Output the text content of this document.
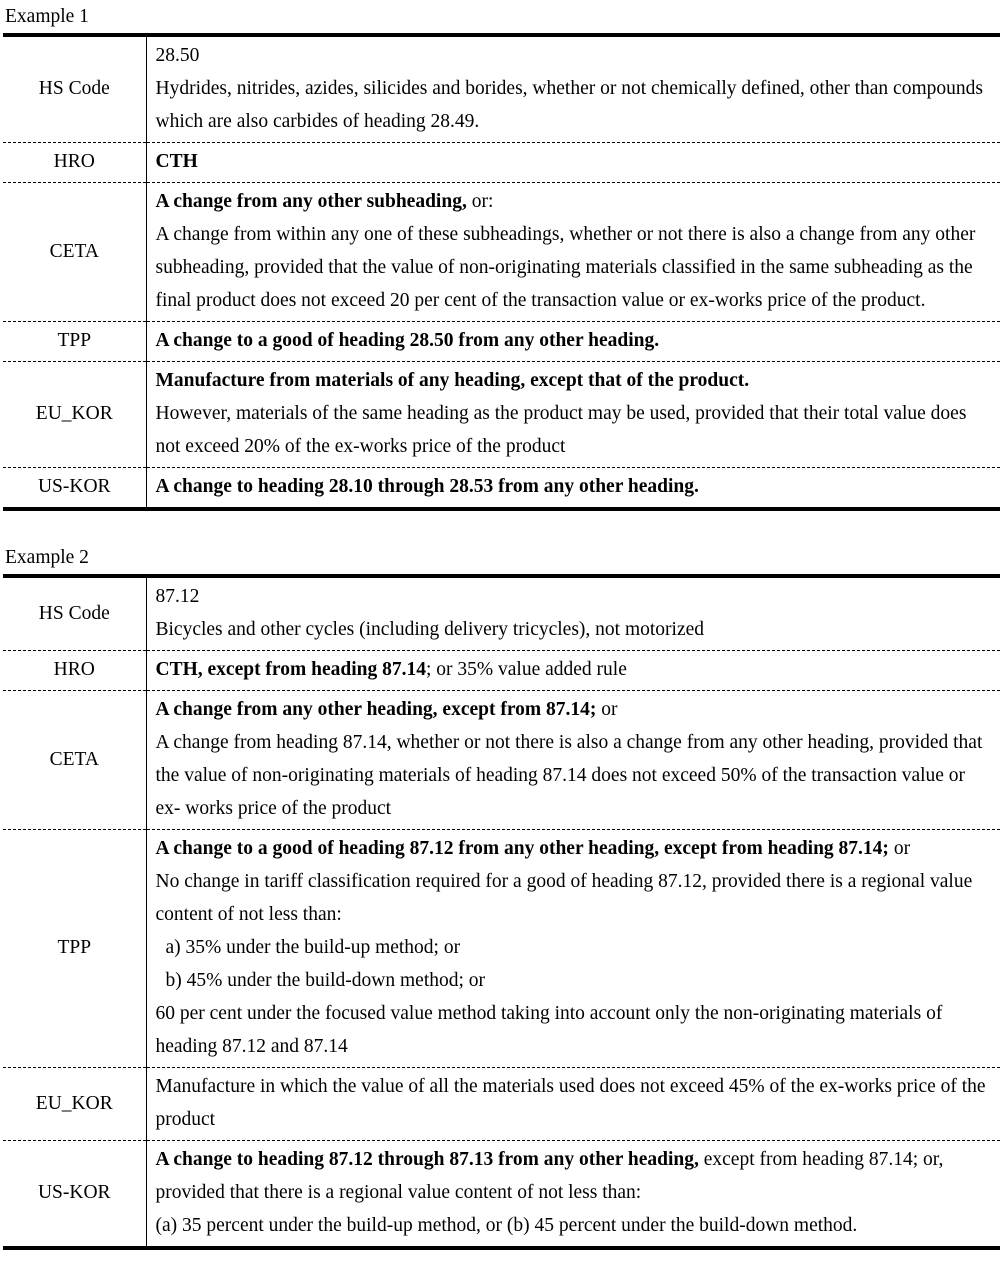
Example 1
HS Code	28.50

Hydrides, nitrides, azides, silicides and borides, whether or not chemically defined, other than compounds which are also carbides of heading 28.49.

HRO	CTH

CETA	A change from any other subheading, or:

A change from within any one of these subheadings, whether or not there is also a change from any other subheading, provided that the value of non-originating materials classified in the same subheading as the final product does not exceed 20 per cent of the transaction value or ex-works price of the product.

TPP	A change to a good of heading 28.50 from any other heading.

EU_KOR	Manufacture from materials of any heading, except that of the product.

However, materials of the same heading as the product may be used, provided that their total value does not exceed 20% of the ex-works price of the product

US-KOR	A change to heading 28.10 through 28.53 from any other heading.

Example 2
HS Code	87.12

Bicycles and other cycles (including delivery tricycles), not motorized

HRO	CTH, except from heading 87.14; or 35% value added rule

CETA	A change from any other heading, except from 87.14; or

A change from heading 87.14, whether or not there is also a change from any other heading, provided that the value of non-originating materials of heading 87.14 does not exceed 50% of the transaction value or ex- works price of the product

TPP	A change to a good of heading 87.12 from any other heading, except from heading 87.14; or

No change in tariff classification required for a good of heading 87.12, provided there is a regional value content of not less than:

a) 35% under the build-up method; or

b) 45% under the build-down method; or

60 per cent under the focused value method taking into account only the non-originating materials of heading 87.12 and 87.14

EU_KOR	Manufacture in which the value of all the materials used does not exceed 45% of the ex-works price of the product

US-KOR	A change to heading 87.12 through 87.13 from any other heading, except from heading 87.14; or, provided that there is a regional value content of not less than:

(a) 35 percent under the build-up method, or (b) 45 percent under the build-down method.
